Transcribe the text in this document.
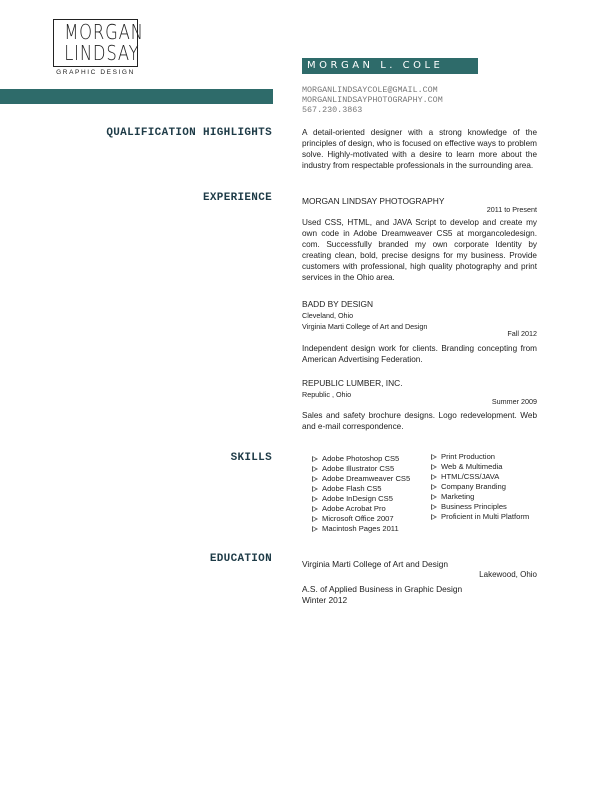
MORGAN
LINDSAY
GRAPHIC DESIGN
MORGAN L. COLE
MORGANLINDSAYCOLE@GMAIL.COM
MORGANLINDSAYPHOTOGRAPHY.COM
567.230.3863
QUALIFICATION HIGHLIGHTS	A detail-oriented designer with a strong knowledge of the principles of design, who is focused on effective ways to problem solve. Highly-motivated with a desire to learn more about the industry from respectable professionals in the surrounding area.
EXPERIENCE	MORGAN LINDSAY PHOTOGRAPHY
2011 to Present
Used CSS, HTML, and JAVA Script to develop and create my own code in Adobe Dreamweaver CS5 at morgancoledesign. com. Successfully branded my own corporate Identity by creating clean, bold, precise designs for my business. Provide customers with professional, high quality photography and print services in the Ohio area.
BADD BY DESIGN
Cleveland, Ohio
Virginia Marti College of Art and Design
Fall 2012
Independent design work for clients. Branding concepting from American Advertising Federation.
REPUBLIC LUMBER, INC.
Republic , Ohio
Summer 2009
Sales and safety brochure designs. Logo redevelopment. Web and e-mail correspondence.
SKILLS	Adobe Photoshop CS5
Adobe Illustrator CS5
Adobe Dreamweaver CS5
Adobe Flash CS5
Adobe InDesign CS5
Adobe Acrobat Pro
Microsoft Office 2007
Macintosh Pages 2011
Print Production
Web & Multimedia
HTML/CSS/JAVA
Company Branding
Marketing
Business Principles
Proficient in Multi Platform
EDUCATION	Virginia Marti College of Art and Design
Lakewood, Ohio
A.S. of Applied Business in Graphic Design
Winter 2012
